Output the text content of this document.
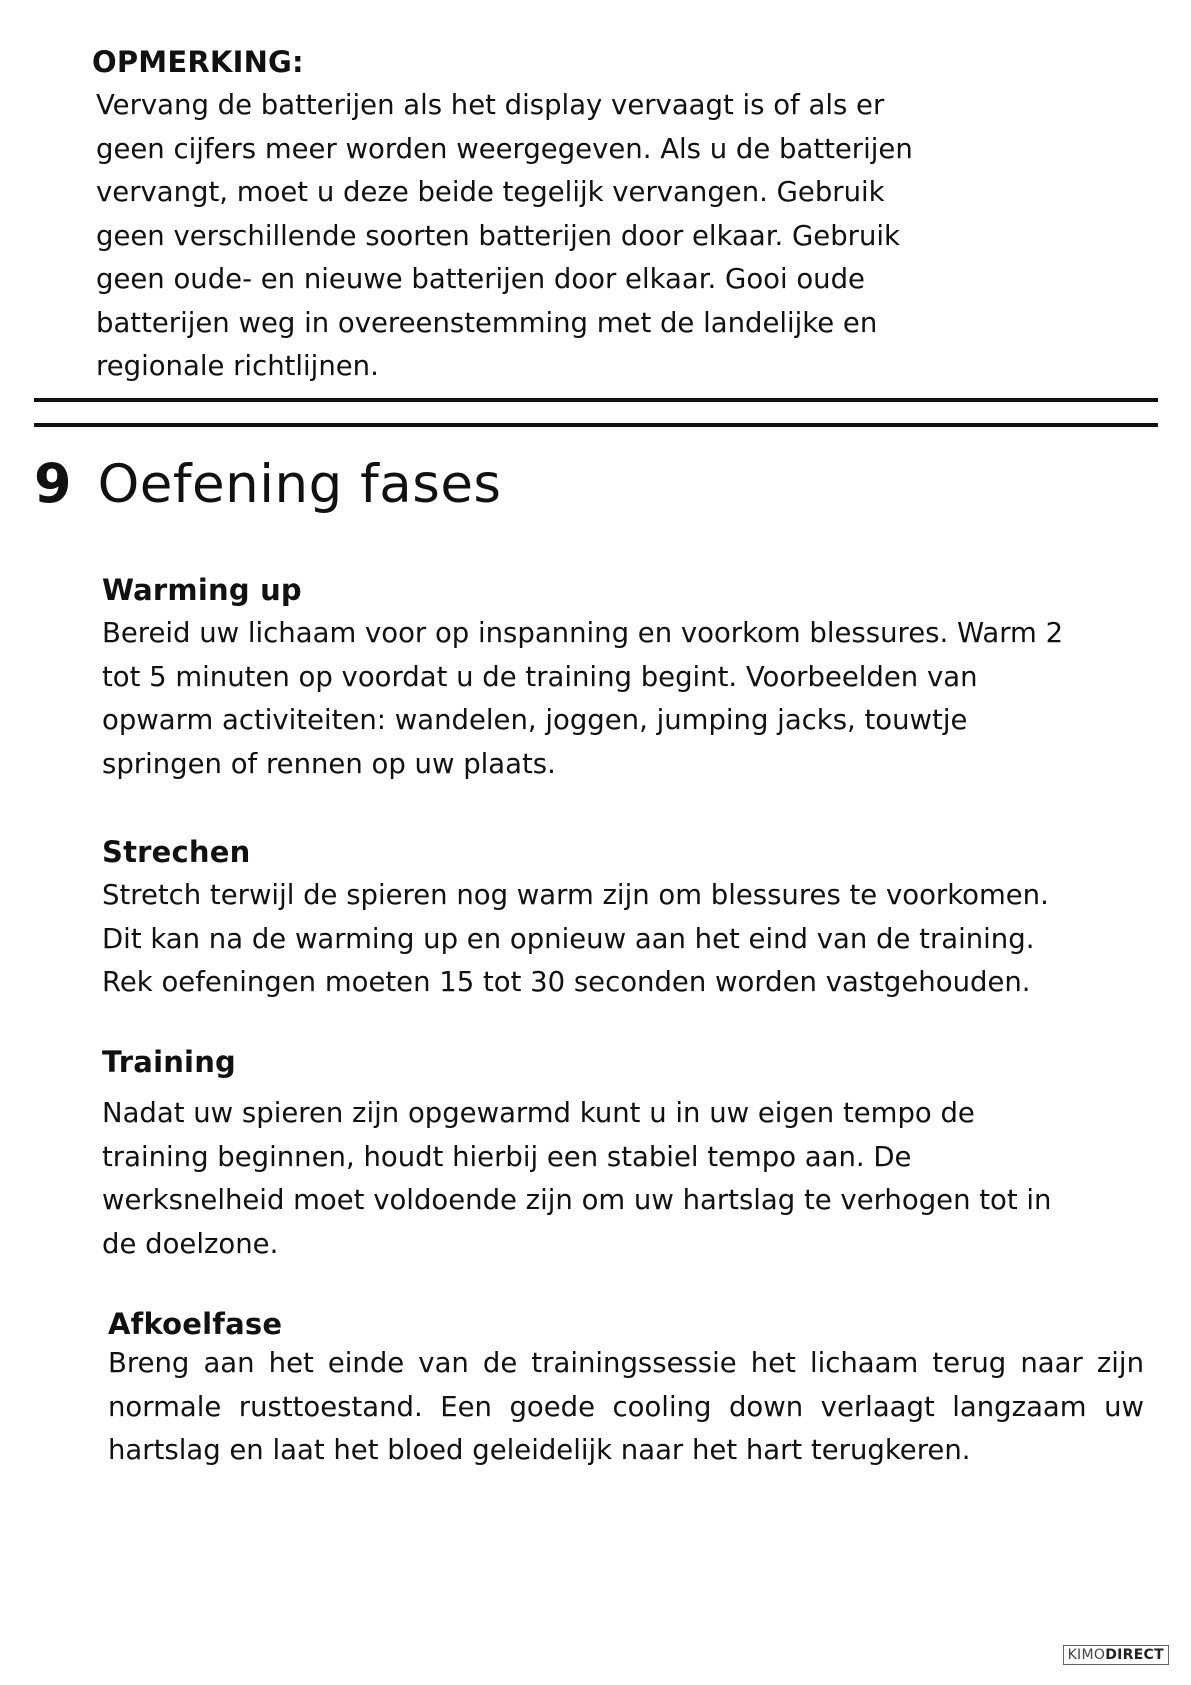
OPMERKING:
Vervang de batterijen als het display vervaagt is of als er
geen cijfers meer worden weergegeven. Als u de batterijen
vervangt, moet u deze beide tegelijk vervangen. Gebruik
geen verschillende soorten batterijen door elkaar. Gebruik
geen oude- en nieuwe batterijen door elkaar. Gooi oude
batterijen weg in overeenstemming met de landelijke en
regionale richtlijnen.
9 Oefening fases
Warming up
Bereid uw lichaam voor op inspanning en voorkom blessures. Warm 2
tot 5 minuten op voordat u de training begint. Voorbeelden van
opwarm activiteiten: wandelen, joggen, jumping jacks, touwtje
springen of rennen op uw plaats.
Strechen
Stretch terwijl de spieren nog warm zijn om blessures te voorkomen.
Dit kan na de warming up en opnieuw aan het eind van de training.
Rek oefeningen moeten 15 tot 30 seconden worden vastgehouden.
Training
Nadat uw spieren zijn opgewarmd kunt u in uw eigen tempo de
training beginnen, houdt hierbij een stabiel tempo aan. De
werksnelheid moet voldoende zijn om uw hartslag te verhogen tot in
de doelzone.
Afkoelfase

Breng aan het einde van de trainingssessie het lichaam terug naar zijn normale rusttoestand. Een goede cooling down verlaagt langzaam uw hartslag en laat het bloed geleidelijk naar het hart terugkeren.

KIMODIRECT
